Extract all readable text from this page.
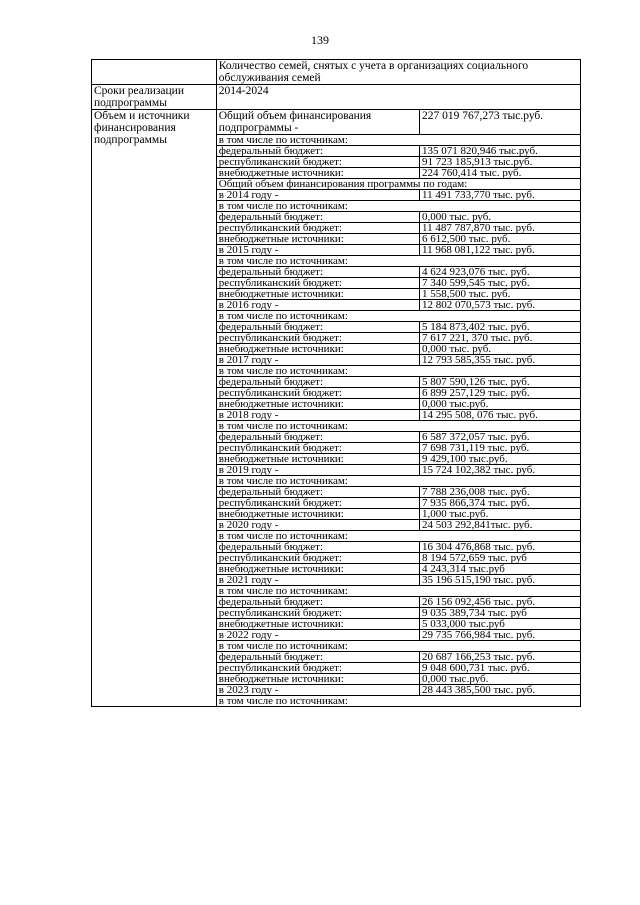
139
	Количество семей, снятых с учета в организациях социального обслуживания семей	
Сроки реализации подпрограммы	2014-2024	
Объем и источники финансирования подпрограммы	Общий объем финансирования подпрограммы -	227 019 767,273 тыс.руб.
	в том числе по источникам:	
	федеральный бюджет:	135 071 820,946 тыс.руб.
	республиканский бюджет:	91 723 185,913 тыс.руб.
	внебюджетные источники:	224 760,414 тыс. руб.
	Общий объем финансирования программы по годам:	
	в 2014 году -	11 491 733,770 тыс. руб.
	в том числе по источникам:	
	федеральный бюджет:	0,000 тыс. руб.
	республиканский бюджет:	11 487 787,870 тыс. руб.
	внебюджетные источники:	6 612,500 тыс. руб.
	в 2015 году -	11 968 081,122 тыс. руб.
	в том числе по источникам:	
	федеральный бюджет:	4 624 923,076 тыс. руб.
	республиканский бюджет:	7 340 599,545 тыс. руб.
	внебюджетные источники:	1 558,500 тыс. руб.
	в 2016 году -	12 802 070,573 тыс. руб.
	в том числе по источникам:	
	федеральный бюджет:	5 184 873,402 тыс. руб.
	республиканский бюджет:	7 617 221, 370 тыс. руб.
	внебюджетные источники:	0,000 тыс. руб.
	в 2017 году -	12 793 585,355 тыс. руб.
	в том числе по источникам:	
	федеральный бюджет:	5 807 590,126 тыс. руб.
	республиканский бюджет:	6 899 257,129 тыс. руб.
	внебюджетные источники:	0,000 тыс.руб.
	в 2018 году -	14 295 508, 076 тыс. руб.
	в том числе по источникам:	
	федеральный бюджет:	6 587 372,057 тыс. руб.
	республиканский бюджет:	7 698 731,119 тыс. руб.
	внебюджетные источники:	9 429,100 тыс.руб.
	в 2019 году -	15 724 102,382 тыс. руб.
	в том числе по источникам:	
	федеральный бюджет:	7 788 236,008 тыс. руб.
	республиканский бюджет:	7 935 866,374 тыс. руб.
	внебюджетные источники:	1,000 тыс.руб.
	в 2020 году -	24 503 292,841тыс. руб.
	в том числе по источникам:	
	федеральный бюджет:	16 304 476,868 тыс. руб.
	республиканский бюджет:	8 194 572,659 тыс. руб
	внебюджетные источники:	4 243,314 тыс.руб
	в 2021 году -	35 196 515,190 тыс. руб.
	в том числе по источникам:	
	федеральный бюджет:	26 156 092,456 тыс. руб.
	республиканский бюджет:	9 035 389,734 тыс. руб
	внебюджетные источники:	5 033,000 тыс.руб
	в 2022 году -	29 735 766,984 тыс. руб.
	в том числе по источникам:	
	федеральный бюджет:	20 687 166,253 тыс. руб.
	республиканский бюджет:	9 048 600,731 тыс. руб.
	внебюджетные источники:	0,000 тыс.руб.
	в 2023 году -	28 443 385,500 тыс. руб.
	в том числе по источникам:	
